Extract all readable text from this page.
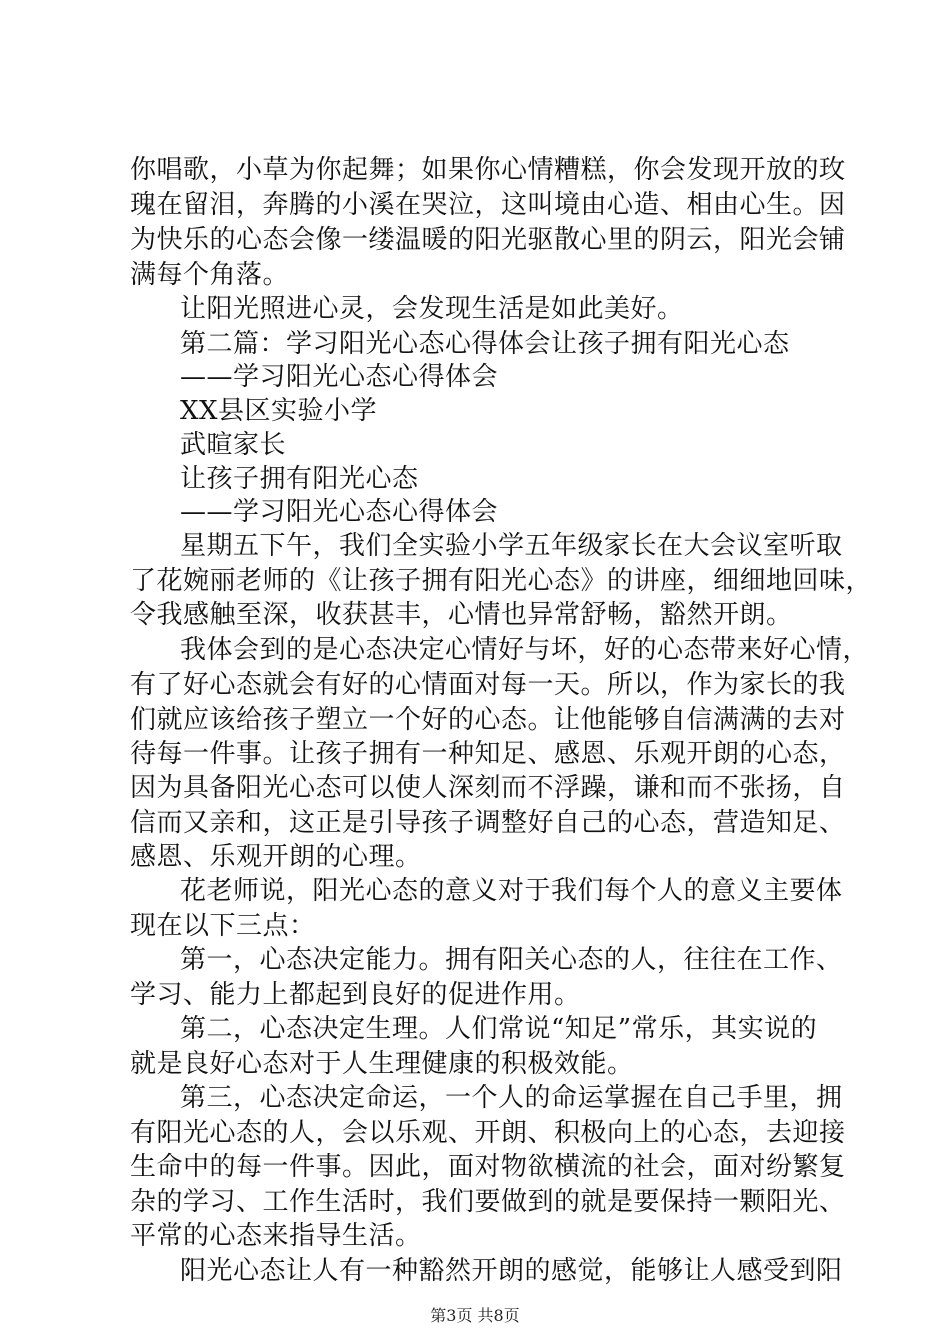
你唱歌，小草为你起舞；如果你心情糟糕，你会发现开放的玫
瑰在留泪，奔腾的小溪在哭泣，这叫境由心造、相由心生。因
为快乐的心态会像一缕温暖的阳光驱散心里的阴云，阳光会铺
满每个角落。
让阳光照进心灵，会发现生活是如此美好。
第二篇：学习阳光心态心得体会让孩子拥有阳光心态
——学习阳光心态心得体会
XX县区实验小学
武暄家长
让孩子拥有阳光心态
——学习阳光心态心得体会
星期五下午，我们全实验小学五年级家长在大会议室听取
了花婉丽老师的《让孩子拥有阳光心态》的讲座，细细地回味，
令我感触至深，收获甚丰，心情也异常舒畅，豁然开朗。
我体会到的是心态决定心情好与坏，好的心态带来好心情，
有了好心态就会有好的心情面对每一天。所以，作为家长的我
们就应该给孩子塑立一个好的心态。让他能够自信满满的去对
待每一件事。让孩子拥有一种知足、感恩、乐观开朗的心态，
因为具备阳光心态可以使人深刻而不浮躁，谦和而不张扬，自
信而又亲和，这正是引导孩子调整好自己的心态，营造知足、
感恩、乐观开朗的心理。
花老师说，阳光心态的意义对于我们每个人的意义主要体
现在以下三点：
第一，心态决定能力。拥有阳关心态的人，往往在工作、
学习、能力上都起到良好的促进作用。
第二，心态决定生理。人们常说“知足”常乐，其实说的
就是良好心态对于人生理健康的积极效能。
第三，心态决定命运，一个人的命运掌握在自己手里，拥
有阳光心态的人，会以乐观、开朗、积极向上的心态，去迎接
生命中的每一件事。因此，面对物欲横流的社会，面对纷繁复
杂的学习、工作生活时，我们要做到的就是要保持一颗阳光、
平常的心态来指导生活。
阳光心态让人有一种豁然开朗的感觉，能够让人感受到阳
第3页 共8页
